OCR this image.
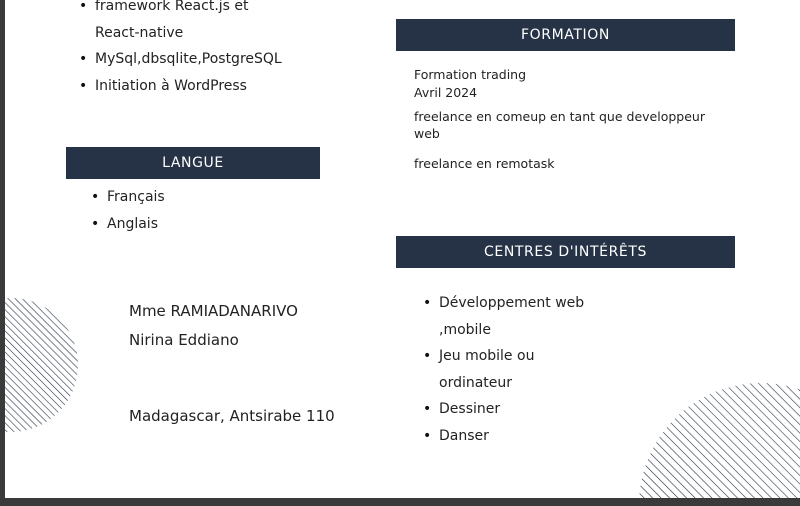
• framework React.js et React-native
• MySql,dbsqlite,PostgreSQL
• Initiation à WordPress
LANGUE
• Français
• Anglais
Mme RAMIADANARIVO
Nirina Eddiano
Madagascar, Antsirabe 110
FORMATION
Formation trading
Avril 2024
freelance en comeup en tant que developpeur web
freelance en remotask
CENTRES D'INTÉRÊTS
• Développement web ,mobile
• Jeu mobile ou ordinateur
• Dessiner
• Danser
